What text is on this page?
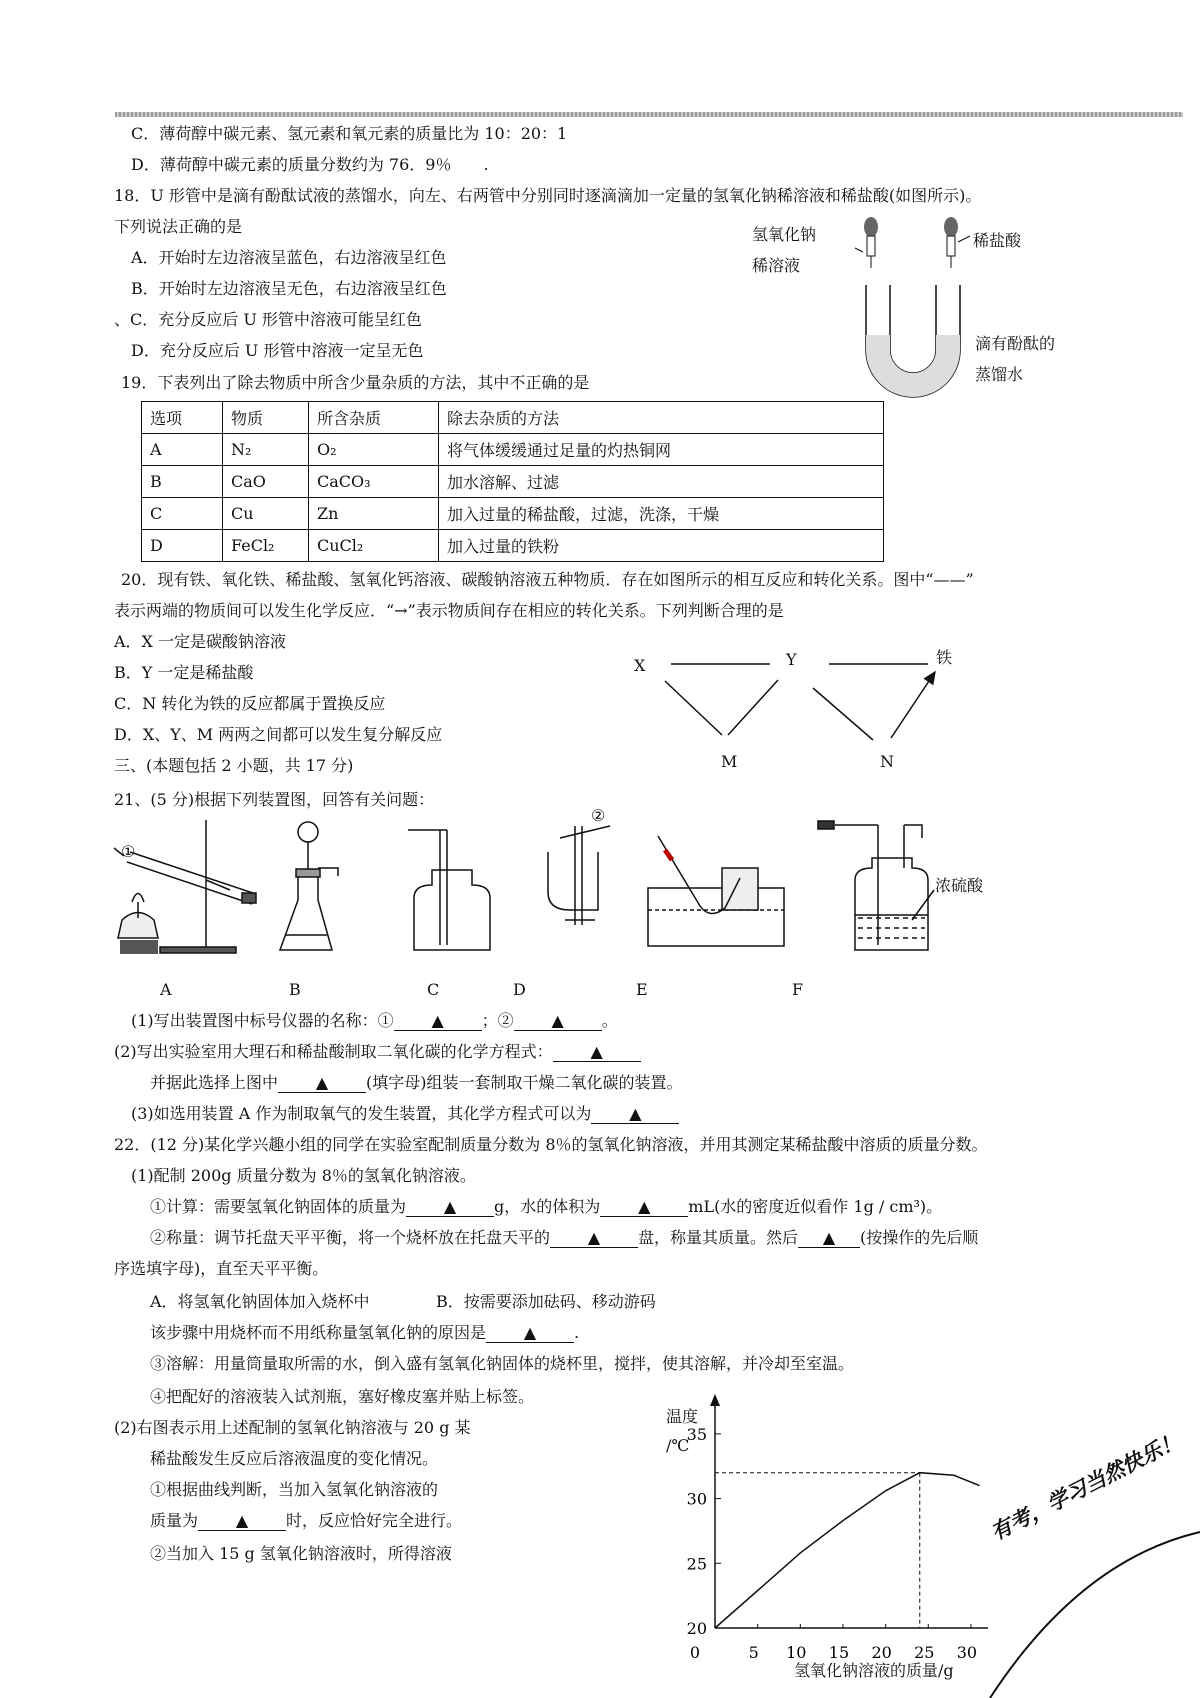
C．薄荷醇中碳元素、氢元素和氧元素的质量比为 10：20：1
D．薄荷醇中碳元素的质量分数约为 76．9％　　.
18．U 形管中是滴有酚酞试液的蒸馏水，向左、右两管中分别同时逐滴滴加一定量的氢氧化钠稀溶液和稀盐酸(如图所示)。
下列说法正确的是
A．开始时左边溶液呈蓝色，右边溶液呈红色
B．开始时左边溶液呈无色，右边溶液呈红色
、C．充分反应后 U 形管中溶液可能呈红色
D．充分反应后 U 形管中溶液一定呈无色
氢氧化钠
稀溶液
稀盐酸
滴有酚酞的
蒸馏水
19．下表列出了除去物质中所含少量杂质的方法，其中不正确的是
选项	物质	所含杂质	除去杂质的方法
A	N₂	O₂	将气体缓缓通过足量的灼热铜网
B	CaO	CaCO₃	加水溶解、过滤
C	Cu	Zn	加入过量的稀盐酸，过滤，洗涤，干燥
D	FeCl₂	CuCl₂	加入过量的铁粉
20．现有铁、氧化铁、稀盐酸、氢氧化钙溶液、碳酸钠溶液五种物质．存在如图所示的相互反应和转化关系。图中“——”
表示两端的物质间可以发生化学反应．“→”表示物质间存在相应的转化关系。下列判断合理的是
A．X 一定是碳酸钠溶液
B．Y 一定是稀盐酸
C．N 转化为铁的反应都属于置换反应
D．X、Y、M 两两之间都可以发生复分解反应
X	Y	铁
M	N
三、(本题包括 2 小题，共 17 分)
21、(5 分)根据下列装置图，回答有关问题：
①
②
浓硫酸
A	B	C	D	E	F
(1)写出装置图中标号仪器的名称：① ▲ ；② ▲ 。
(2)写出实验室用大理石和稀盐酸制取二氧化碳的化学方程式： ▲
并据此选择上图中 ▲ (填字母)组装一套制取干燥二氧化碳的装置。
(3)如选用装置 A 作为制取氧气的发生装置，其化学方程式可以为 ▲
22．(12 分)某化学兴趣小组的同学在实验室配制质量分数为 8％的氢氧化钠溶液，并用其测定某稀盐酸中溶质的质量分数。
(1)配制 200g 质量分数为 8％的氢氧化钠溶液。
①计算：需要氢氧化钠固体的质量为 ▲ g，水的体积为 ▲ mL(水的密度近似看作 1g / cm³)。
②称量：调节托盘天平平衡，将一个烧杯放在托盘天平的 ▲ 盘，称量其质量。然后 ▲ (按操作的先后顺
序选填字母)，直至天平平衡。
A．将氢氧化钠固体加入烧杯中	B．按需要添加砝码、移动游码
该步骤中用烧杯而不用纸称量氢氧化钠的原因是 ▲ .
③溶解：用量筒量取所需的水，倒入盛有氢氧化钠固体的烧杯里，搅拌，使其溶解，并冷却至室温。
④把配好的溶液装入试剂瓶，塞好橡皮塞并贴上标签。
(2)右图表示用上述配制的氢氧化钠溶液与 20 g 某
稀盐酸发生反应后溶液温度的变化情况。
①根据曲线判断，当加入氢氧化钠溶液的
质量为 ▲ 时，反应恰好完全进行。
②当加入 15 g 氢氧化钠溶液时，所得溶液
温度
/℃
氢氧化钠溶液的质量/g
0	5 10 15 20 25 30
20
25
30
35	有考，学习当然快乐！
